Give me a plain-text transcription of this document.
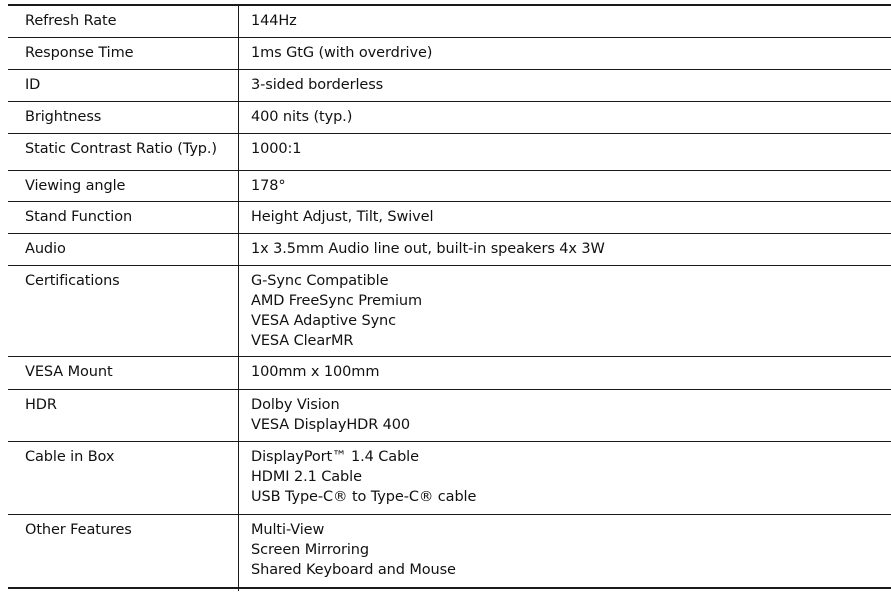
Refresh Rate	144Hz
Response Time	1ms GtG (with overdrive)
ID	3-sided borderless
Brightness	400 nits (typ.)
Static Contrast Ratio (Typ.)	1000:1
Viewing angle	178°
Stand Function	Height Adjust, Tilt, Swivel
Audio	1x 3.5mm Audio line out, built-in speakers 4x 3W
Certifications	G-Sync Compatible
AMD FreeSync Premium
VESA Adaptive Sync
VESA ClearMR
VESA Mount	100mm x 100mm
HDR	Dolby Vision
VESA DisplayHDR 400
Cable in Box	DisplayPort™ 1.4 Cable
HDMI 2.1 Cable
USB Type-C® to Type-C® cable
Other Features	Multi-View
Screen Mirroring
Shared Keyboard and Mouse
